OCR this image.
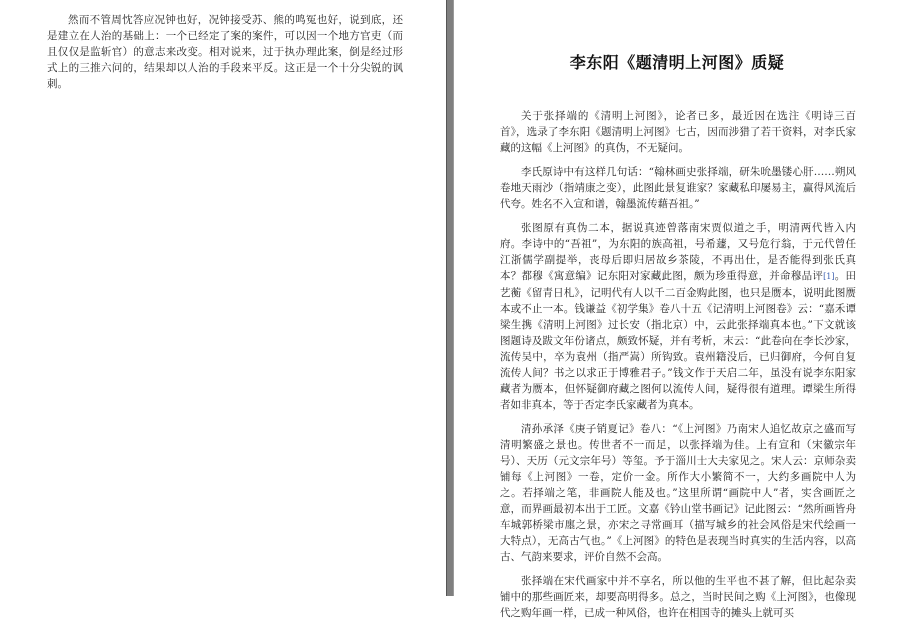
然而不管周忱答应况钟也好，况钟接受苏、熊的鸣冤也好，说到底，还是建立在人治的基础上：一个已经定了案的案件，可以因一个地方官吏（而且仅仅是监斩官）的意志来改变。相对说来，过于执办理此案，倒是经过形式上的三推六问的，结果却以人治的手段来平反。这正是一个十分尖锐的讽刺。

李东阳《题清明上河图》质疑

关于张择端的《清明上河图》，论者已多，最近因在选注《明诗三百首》，选录了李东阳《题清明上河图》七古，因而涉猎了若干资料，对李氏家藏的这幅《上河图》的真伪，不无疑问。

李氏原诗中有这样几句话：“翰林画史张择端，研朱吮墨镂心肝……朔风卷地天雨沙（指靖康之变），此图此景复谁家？家藏私印屡易主，赢得风流后代夸。姓名不入宣和谱，翰墨流传藉吾祖。”

张图原有真伪二本，据说真迹曾落南宋贾似道之手，明清两代皆入内府。李诗中的“吾祖”，为东阳的族高祖，号希蘧，又号危行翁，于元代曾任江浙儒学副提举，丧母后即归居故乡茶陵，不再出仕，是否能得到张氏真本？都穆《寓意编》记东阳对家藏此图，颇为珍重得意，并命穆品评[1]。田艺蘅《留青日札》，记明代有人以千二百金购此图，也只是赝本，说明此图赝本或不止一本。钱谦益《初学集》卷八十五《记清明上河图卷》云：“嘉禾谭梁生携《清明上河图》过长安（指北京）中，云此张择端真本也。”下文就该图题诗及跋文年份诸点，颇致怀疑，并有考析，末云：“此卷向在李长沙家，流传吴中，卒为袁州（指严嵩）所钩致。袁州籍没后，已归御府，今何自复流传人间？书之以求正于博雅君子。”钱文作于天启二年，虽没有说李东阳家藏者为赝本，但怀疑御府藏之图何以流传人间，疑得很有道理。谭梁生所得者如非真本，等于否定李氏家藏者为真本。

清孙承泽《庚子销夏记》卷八：“《上河图》乃南宋人追忆故京之盛而写清明繁盛之景也。传世者不一而足，以张择端为佳。上有宣和（宋徽宗年号）、天历（元文宗年号）等玺。予于淄川士大夫家见之。宋人云：京师杂卖铺每《上河图》一卷，定价一金。所作大小繁简不一，大约多画院中人为之。若择端之笔，非画院人能及也。”这里所谓“画院中人”者，实含画匠之意，而界画最初本出于工匠。文嘉《钤山堂书画记》记此图云：“然所画皆舟车城郭桥梁市廛之景，亦宋之寻常画耳（描写城乡的社会风俗是宋代绘画一大特点），无高古气也。”《上河图》的特色是表现当时真实的生活内容，以高古、气韵来要求，评价自然不会高。

张择端在宋代画家中并不享名，所以他的生平也不甚了解，但比起杂卖铺中的那些画匠来，却要高明得多。总之，当时民间之购《上河图》，也像现代之购年画一样，已成一种风俗，也许在相国寺的摊头上就可买
